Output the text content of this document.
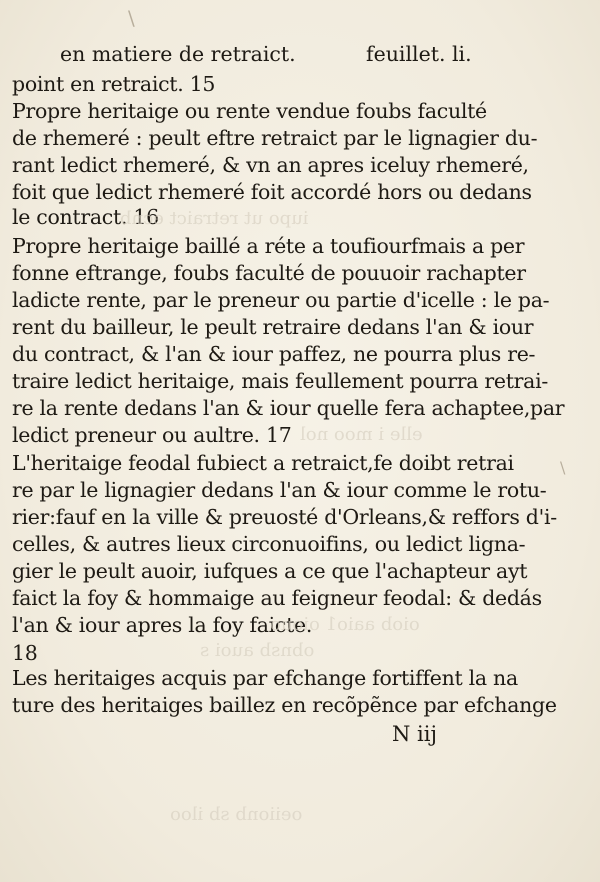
en matiere de retraict.	feuillet. li.
point en retraict. 15
Propre heritaige ou rente vendue foubs faculté
de rhemeré : peult eftre retraict par le lignagier du-
rant ledict rhemeré, & vn an apres iceluy rhemeré,
foit que ledict rhemeré foit accordé hors ou dedans
le contract. 16
Propre heritaige baillé a réte a toufiourfmais a per
fonne eftrange, foubs faculté de pouuoir rachapter
ladicte rente, par le preneur ou partie d'icelle : le pa-
rent du bailleur, le peult retraire dedans l'an & iour
du contract, & l'an & iour paffez, ne pourra plus re-
traire ledict heritaige, mais feullement pourra retrai-
re la rente dedans l'an & iour quelle fera achaptee,par
ledict preneur ou aultre. 17
L'heritaige feodal fubiect a retraict,fe doibt retrai
re par le lignagier dedans l'an & iour comme le rotu-
rier:fauf en la ville & preuosté d'Orleans,& reffors d'i-
celles, & autres lieux circonuoifins, ou ledict ligna-
gier le peult auoir, iufques a ce que l'achapteur ayt
faict la foy & hommaige au feigneur feodal: & dedás
l'an & iour apres la foy faicte.
18
Les heritaiges acquis par efchange fortiffent la na
ture des heritaiges baillez en recõpẽnce par efchange
N iij
iupo ut retraict ecnb
elle i moo nol
oiob aaio1 oiouo
obnsb auoi s
oeiionb sb iloo
\
\
